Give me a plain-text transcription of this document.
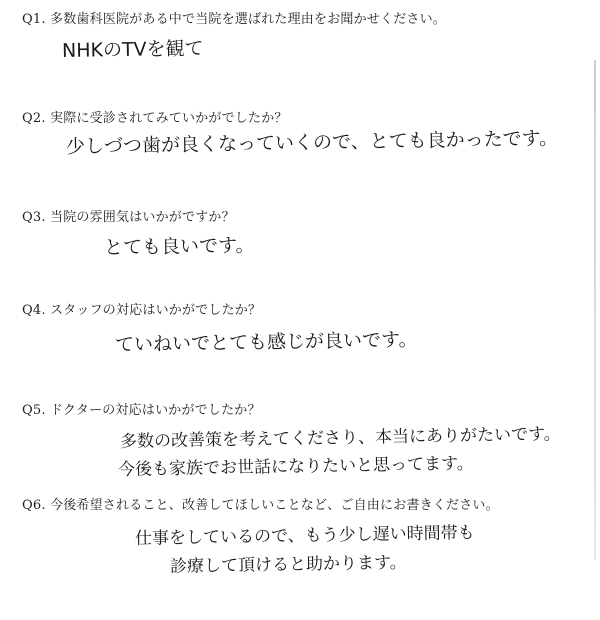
Q1. 多数歯科医院がある中で当院を選ばれた理由をお聞かせください。
NHKのTVを観て
Q2. 実際に受診されてみていかがでしたか？
少しづつ歯が良くなっていくので、とても良かったです。
Q3. 当院の雰囲気はいかがですか？
とても良いです。
Q4. スタッフの対応はいかがでしたか？
ていねいでとても感じが良いです。
Q5. ドクターの対応はいかがでしたか？
多数の改善策を考えてくださり、本当にありがたいです。
今後も家族でお世話になりたいと思ってます。
Q6. 今後希望されること、改善してほしいことなど、ご自由にお書きください。
仕事をしているので、もう少し遅い時間帯も
診療して頂けると助かります。
